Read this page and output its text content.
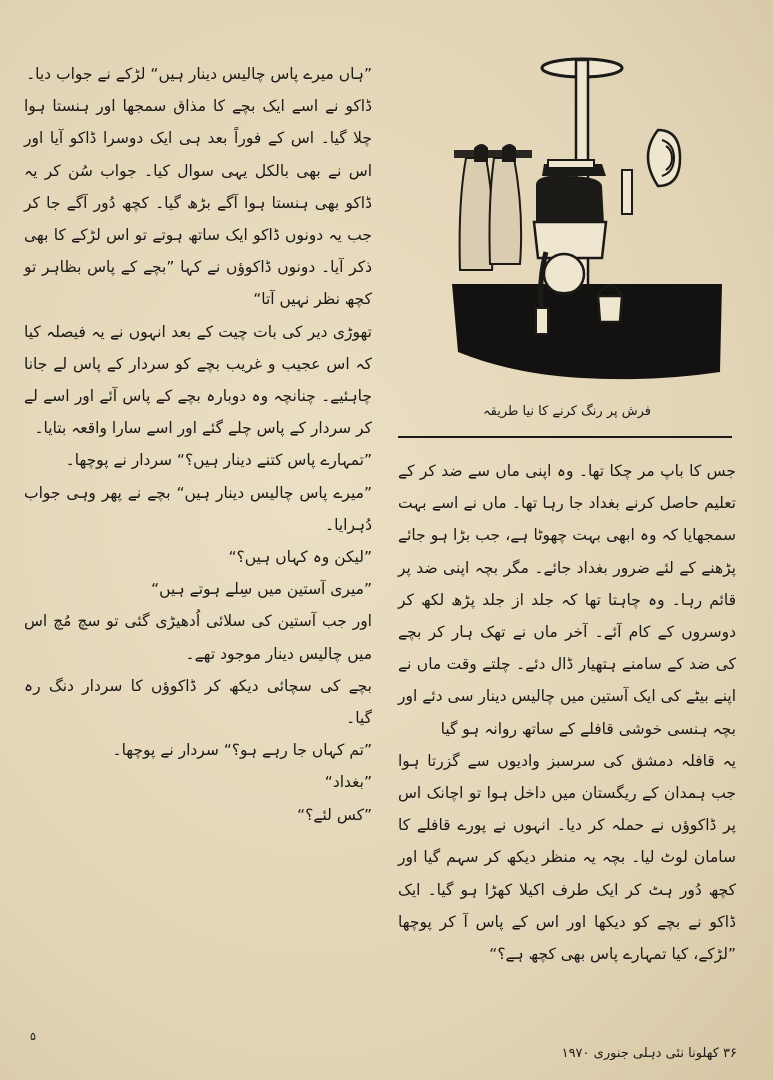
”ہاں میرے پاس چالیس دینار ہیں“ لڑکے نے جواب دیا۔

ڈاکو نے اسے ایک بچے کا مذاق سمجھا اور ہنستا ہوا چلا گیا۔ اس کے فوراً بعد ہی ایک دوسرا ڈاکو آیا اور اس نے بھی بالکل یہی سوال کیا۔ جواب سُن کر یہ ڈاکو بھی ہنستا ہوا آگے بڑھ گیا۔ کچھ دُور آگے جا کر جب یہ دونوں ڈاکو ایک ساتھ ہوتے تو اس لڑکے کا بھی ذکر آیا۔ دونوں ڈاکوؤں نے کہا ”بچے کے پاس بظاہر تو کچھ نظر نہیں آتا“

تھوڑی دیر کی بات چیت کے بعد انہوں نے یہ فیصلہ کیا کہ اس عجیب و غریب بچے کو سردار کے پاس لے جانا چاہئیے۔ چنانچہ وہ دوبارہ بچے کے پاس آئے اور اسے لے کر سردار کے پاس چلے گئے اور اسے سارا واقعہ بتایا۔

”تمہارے پاس کتنے دینار ہیں؟“ سردار نے پوچھا۔

”میرے پاس چالیس دینار ہیں“ بچے نے پھر وہی جواب دُہرایا۔

”لیکن وہ کہاں ہیں؟“

”میری آستین میں سِلے ہوتے ہیں“

اور جب آستین کی سلائی اُدھیڑی گئی تو سچ مُچ اس میں چالیس دینار موجود تھے۔

بچے کی سچائی دیکھ کر ڈاکوؤں کا سردار دنگ رہ گیا۔

”تم کہاں جا رہے ہو؟“ سردار نے پوچھا۔

”بغداد“

”کس لئے؟“

فرش پر رنگ کرنے کا نیا طریقہ

جس کا باپ مر چکا تھا۔ وہ اپنی ماں سے ضد کر کے تعلیم حاصل کرنے بغداد جا رہا تھا۔ ماں نے اسے بہت سمجھایا کہ وہ ابھی بہت چھوٹا ہے، جب بڑا ہو جائے پڑھنے کے لئے ضرور بغداد جائے۔ مگر بچہ اپنی ضد پر قائم رہا۔ وہ چاہتا تھا کہ جلد از جلد پڑھ لکھ کر دوسروں کے کام آئے۔ آخر ماں نے تھک ہار کر بچے کی ضد کے سامنے ہتھیار ڈال دئے۔ چلتے وقت ماں نے اپنے بیٹے کی ایک آستین میں چالیس دینار سی دئے اور بچہ ہنسی خوشی قافلے کے ساتھ روانہ ہو گیا

یہ قافلہ دمشق کی سرسبز وادیوں سے گزرتا ہوا جب ہمدان کے ریگستان میں داخل ہوا تو اچانک اس پر ڈاکوؤں نے حملہ کر دیا۔ انہوں نے پورے قافلے کا سامان لوٹ لیا۔ بچہ یہ منظر دیکھ کر سہم گیا اور کچھ دُور ہٹ کر ایک طرف اکیلا کھڑا ہو گیا۔ ایک ڈاکو نے بچے کو دیکھا اور اس کے پاس آ کر پوچھا ”لڑکے، کیا تمہارے پاس بھی کچھ ہے؟“

۳۶ کھلونا نئی دہلی جنوری ۱۹۷۰
۵
